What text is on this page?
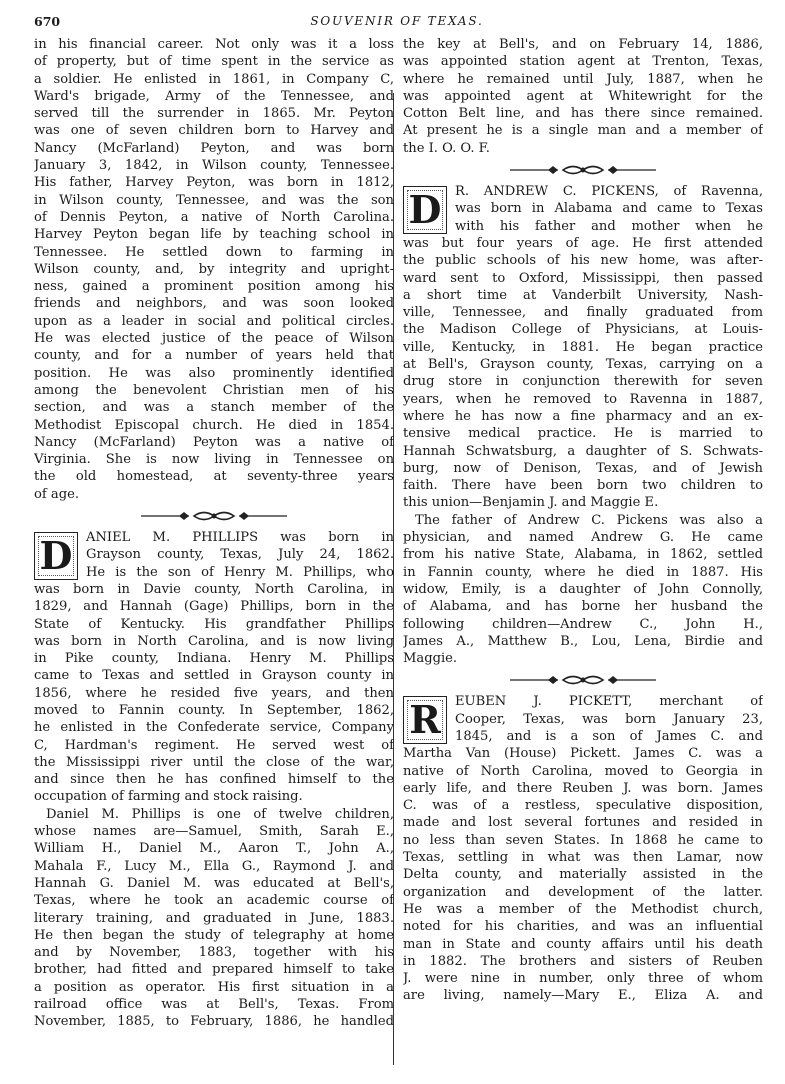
670	SOUVENIR OF TEXAS.
in his financial career. Not only was it a loss
of property, but of time spent in the service as
a soldier. He enlisted in 1861, in Company C,
Ward's brigade, Army of the Tennessee, and
served till the surrender in 1865. Mr. Peyton
was one of seven children born to Harvey and
Nancy (McFarland) Peyton, and was born
January 3, 1842, in Wilson county, Tennessee.
His father, Harvey Peyton, was born in 1812,
in Wilson county, Tennessee, and was the son
of Dennis Peyton, a native of North Carolina.
Harvey Peyton began life by teaching school in
Tennessee. He settled down to farming in
Wilson county, and, by integrity and upright-
ness, gained a prominent position among his
friends and neighbors, and was soon looked
upon as a leader in social and political circles.
He was elected justice of the peace of Wilson
county, and for a number of years held that
position. He was also prominently identified
among the benevolent Christian men of his
section, and was a stanch member of the
Methodist Episcopal church. He died in 1854.
Nancy (McFarland) Peyton was a native of
Virginia. She is now living in Tennessee on
the old homestead, at seventy-three years
of age.
D	ANIEL M. PHILLIPS was born in
Grayson county, Texas, July 24, 1862.
He is the son of Henry M. Phillips, who
was born in Davie county, North Carolina, in
1829, and Hannah (Gage) Phillips, born in the
State of Kentucky. His grandfather Phillips
was born in North Carolina, and is now living
in Pike county, Indiana. Henry M. Phillips
came to Texas and settled in Grayson county in
1856, where he resided five years, and then
moved to Fannin county. In September, 1862,
he enlisted in the Confederate service, Company
C, Hardman's regiment. He served west of
the Mississippi river until the close of the war,
and since then he has confined himself to the
occupation of farming and stock raising.
Daniel M. Phillips is one of twelve children,
whose names are—Samuel, Smith, Sarah E.,
William H., Daniel M., Aaron T., John A.,
Mahala F., Lucy M., Ella G., Raymond J. and
Hannah G. Daniel M. was educated at Bell's,
Texas, where he took an academic course of
literary training, and graduated in June, 1883.
He then began the study of telegraphy at home
and by November, 1883, together with his
brother, had fitted and prepared himself to take
a position as operator. His first situation in a
railroad office was at Bell's, Texas. From
November, 1885, to February, 1886, he handled
the key at Bell's, and on February 14, 1886,
was appointed station agent at Trenton, Texas,
where he remained until July, 1887, when he
was appointed agent at Whitewright for the
Cotton Belt line, and has there since remained.
At present he is a single man and a member of
the I. O. O. F.
D	R. ANDREW C. PICKENS, of Ravenna,
was born in Alabama and came to Texas
with his father and mother when he
was but four years of age. He first attended
the public schools of his new home, was after-
ward sent to Oxford, Mississippi, then passed
a short time at Vanderbilt University, Nash-
ville, Tennessee, and finally graduated from
the Madison College of Physicians, at Louis-
ville, Kentucky, in 1881. He began practice
at Bell's, Grayson county, Texas, carrying on a
drug store in conjunction therewith for seven
years, when he removed to Ravenna in 1887,
where he has now a fine pharmacy and an ex-
tensive medical practice. He is married to
Hannah Schwatsburg, a daughter of S. Schwats-
burg, now of Denison, Texas, and of Jewish
faith. There have been born two children to
this union—Benjamin J. and Maggie E.
The father of Andrew C. Pickens was also a
physician, and named Andrew G. He came
from his native State, Alabama, in 1862, settled
in Fannin county, where he died in 1887. His
widow, Emily, is a daughter of John Connolly,
of Alabama, and has borne her husband the
following children—Andrew C., John H.,
James A., Matthew B., Lou, Lena, Birdie and
Maggie.
R	EUBEN J. PICKETT, merchant of
Cooper, Texas, was born January 23,
1845, and is a son of James C. and
Martha Van (House) Pickett. James C. was a
native of North Carolina, moved to Georgia in
early life, and there Reuben J. was born. James
C. was of a restless, speculative disposition,
made and lost several fortunes and resided in
no less than seven States. In 1868 he came to
Texas, settling in what was then Lamar, now
Delta county, and materially assisted in the
organization and development of the latter.
He was a member of the Methodist church,
noted for his charities, and was an influential
man in State and county affairs until his death
in 1882. The brothers and sisters of Reuben
J. were nine in number, only three of whom
are living, namely—Mary E., Eliza A. and
